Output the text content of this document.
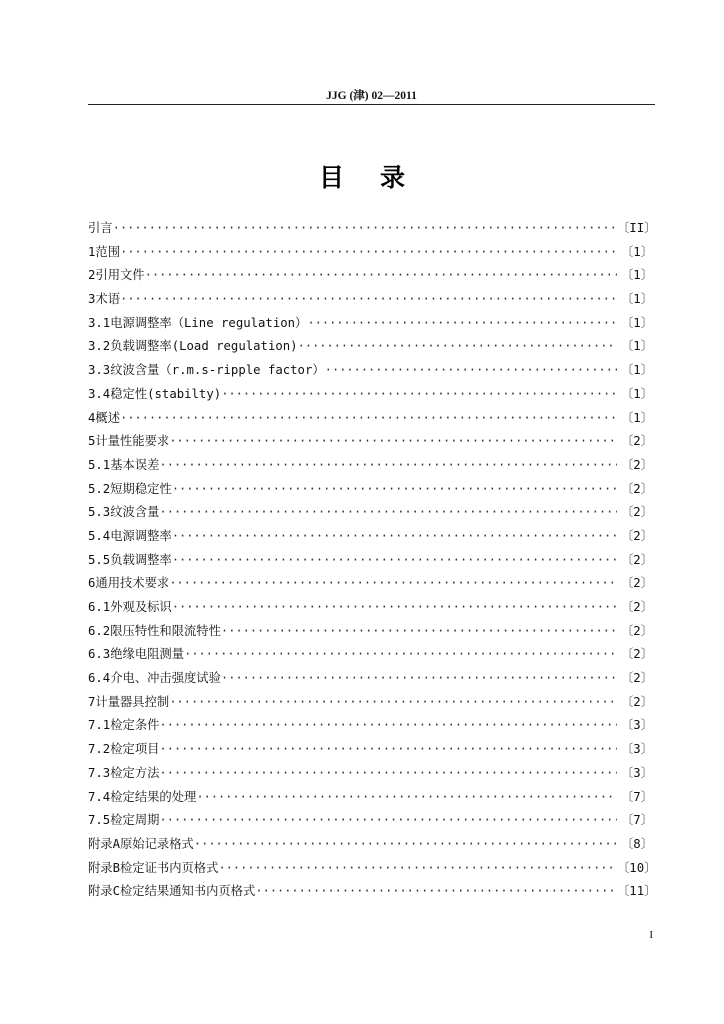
JJG (津) 02—2011
目录
引言 ·····	〔II〕
1 范围 ·····	〔1〕
2 引用文件 ·····	〔1〕
3 术语 ·····	〔1〕
3.1 电源调整率（Line regulation） ·····	〔1〕
3.2 负载调整率(Load regulation) ·····	〔1〕
3.3 纹波含量（r.m.s-ripple factor） ·····	〔1〕
3.4 稳定性(stabilty) ·····	〔1〕
4 概述 ·····	〔1〕
5 计量性能要求 ·····	〔2〕
5.1 基本误差 ·····	〔2〕
5.2 短期稳定性 ·····	〔2〕
5.3 纹波含量 ·····	〔2〕
5.4 电源调整率 ·····	〔2〕
5.5 负载调整率 ·····	〔2〕
6 通用技术要求 ·····	〔2〕
6.1 外观及标识 ·····	〔2〕
6.2 限压特性和限流特性 ·····	〔2〕
6.3 绝缘电阻测量 ·····	〔2〕
6.4 介电、冲击强度试验 ·····	〔2〕
7 计量器具控制 ·····	〔2〕
7.1 检定条件 ·····	〔3〕
7.2 检定项目 ·····	〔3〕
7.3 检定方法 ·····	〔3〕
7.4 检定结果的处理 ·····	〔7〕
7.5 检定周期 ·····	〔7〕
附录A 原始记录格式 ·····	〔8〕
附录B 检定证书内页格式 ·····	〔10〕
附录C 检定结果通知书内页格式 ·····	〔11〕
I
